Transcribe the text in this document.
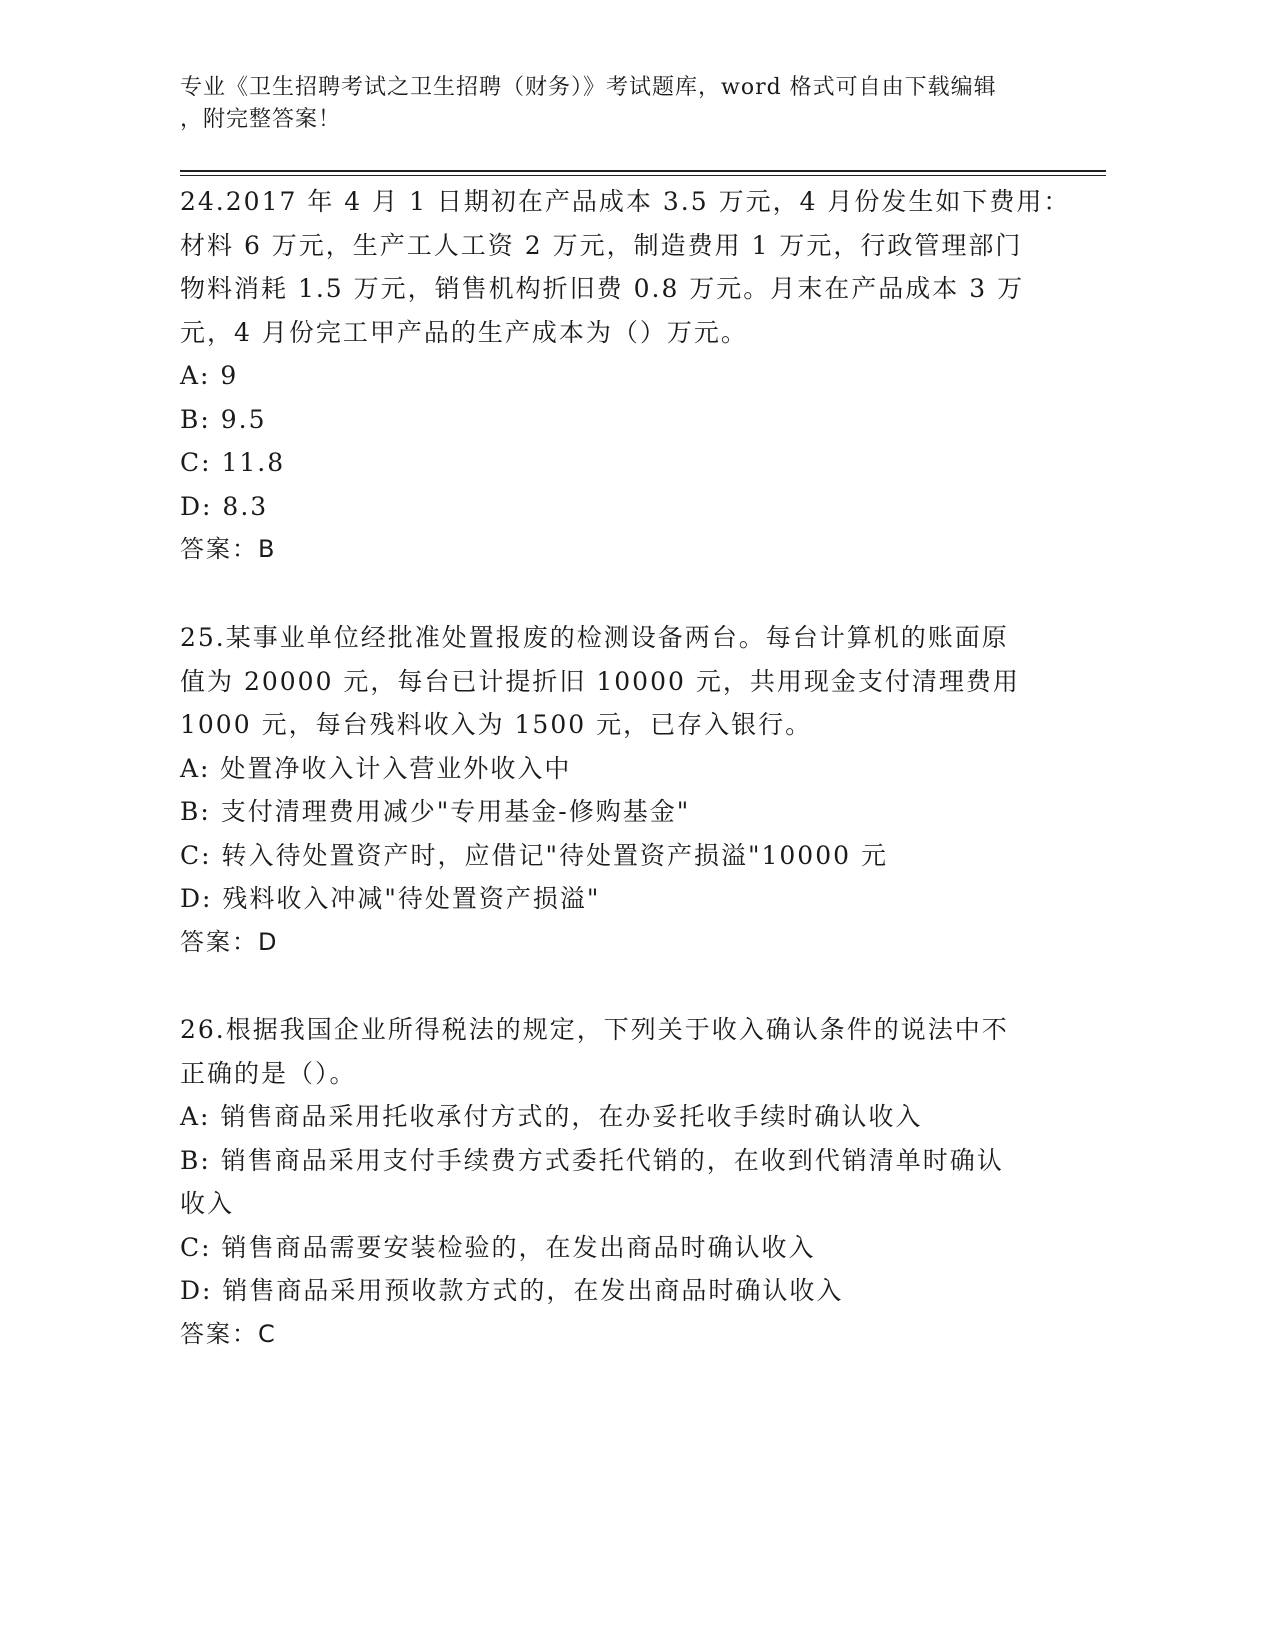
专业《卫生招聘考试之卫生招聘（财务）》考试题库，word 格式可自由下载编辑
，附完整答案！
24.2017 年 4 月 1 日期初在产品成本 3.5 万元，4 月份发生如下费用：
材料 6 万元，生产工人工资 2 万元，制造费用 1 万元，行政管理部门
物料消耗 1.5 万元，销售机构折旧费 0.8 万元。月末在产品成本 3 万
元，4 月份完工甲产品的生产成本为（）万元。
A: 9
B: 9.5
C: 11.8
D: 8.3
答案：B
25.某事业单位经批准处置报废的检测设备两台。每台计算机的账面原
值为 20000 元，每台已计提折旧 10000 元，共用现金支付清理费用
1000 元，每台残料收入为 1500 元，已存入银行。
A: 处置净收入计入营业外收入中
B: 支付清理费用减少"专用基金-修购基金"
C: 转入待处置资产时，应借记"待处置资产损溢"10000 元
D: 残料收入冲减"待处置资产损溢"
答案：D
26.根据我国企业所得税法的规定，下列关于收入确认条件的说法中不
正确的是（）。
A: 销售商品采用托收承付方式的，在办妥托收手续时确认收入
B: 销售商品采用支付手续费方式委托代销的，在收到代销清单时确认
收入
C: 销售商品需要安装检验的，在发出商品时确认收入
D: 销售商品采用预收款方式的，在发出商品时确认收入
答案：C
